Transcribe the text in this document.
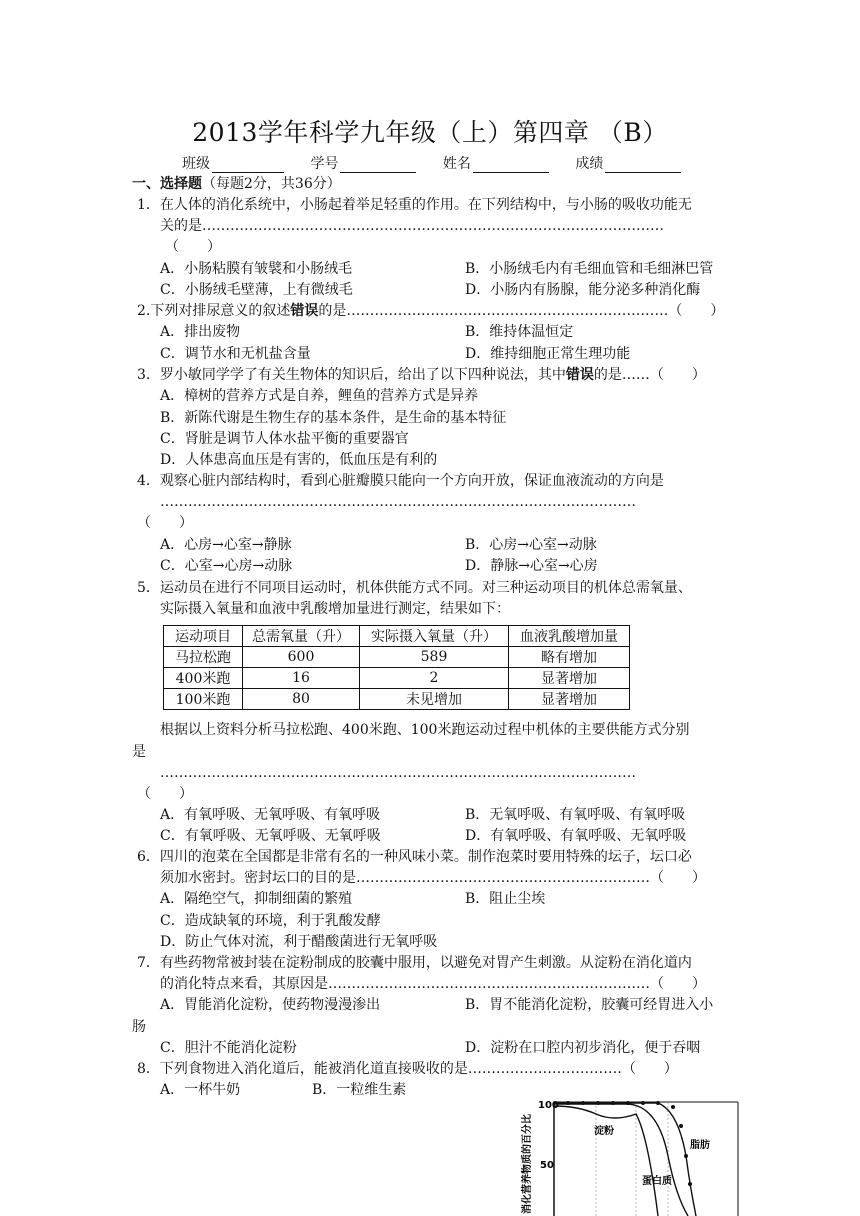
2013学年科学九年级（上）第四章 （B）
班级	学号	姓名	成绩
一、选择题（每题2分，共36分）
1．在人体的消化系统中，小肠起着举足轻重的作用。在下列结构中，与小肠的吸收功能无
关的是………………………………………………………………………………………
（　　）
A．小肠粘膜有皱襞和小肠绒毛	B．小肠绒毛内有毛细血管和毛细淋巴管
C．小肠绒毛壁薄，上有微绒毛	D．小肠内有肠腺，能分泌多种消化酶
2.下列对排尿意义的叙述错误的是……………………………………………………………（　　）
A．排出废物	B．维持体温恒定
C．调节水和无机盐含量	D．维持细胞正常生理功能
3．罗小敏同学学了有关生物体的知识后，给出了以下四种说法，其中错误的是……（　　）
A．樟树的营养方式是自养，鲤鱼的营养方式是异养
B．新陈代谢是生物生存的基本条件，是生命的基本特征
C．肾脏是调节人体水盐平衡的重要器官
D．人体患高血压是有害的，低血压是有利的
4．观察心脏内部结构时，看到心脏瓣膜只能向一个方向开放，保证血液流动的方向是
…………………………………………………………………………………………
（　　）
A．心房→心室→静脉	B．心房→心室→动脉
C．心室→心房→动脉	D．静脉→心室→心房
5．运动员在进行不同项目运动时，机体供能方式不同。对三种运动项目的机体总需氧量、
实际摄入氧量和血液中乳酸增加量进行测定，结果如下：
运动项目	总需氧量（升）	实际摄入氧量（升）	血液乳酸增加量
马拉松跑	600	589	略有增加
400米跑	16	2	显著增加
100米跑	80	未见增加	显著增加
根据以上资料分析马拉松跑、400米跑、100米跑运动过程中机体的主要供能方式分别
是
…………………………………………………………………………………………
（　　）
A．有氧呼吸、无氧呼吸、有氧呼吸	B．无氧呼吸、有氧呼吸、有氧呼吸
C．有氧呼吸、无氧呼吸、无氧呼吸	D．有氧呼吸、有氧呼吸、无氧呼吸
6．四川的泡菜在全国都是非常有名的一种风味小菜。制作泡菜时要用特殊的坛子，坛口必
须加水密封。密封坛口的目的是………………………………………………………（　　）
A．隔绝空气，抑制细菌的繁殖	B．阻止尘埃
C．造成缺氧的环境，利于乳酸发酵
D．防止气体对流，利于醋酸菌进行无氧呼吸
7．有些药物常被封装在淀粉制成的胶囊中服用，以避免对胃产生刺激。从淀粉在消化道内
的消化特点来看，其原因是……………………………………………………………（　　）
A．胃能消化淀粉，使药物漫漫渗出	B．胃不能消化淀粉，胶囊可经胃进入小
肠
C．胆汁不能消化淀粉	D．淀粉在口腔内初步消化，便于吞咽
8．下列食物进入消化道后，能被消化道直接吸收的是……………………………（　　）
A．一杯牛奶	B．一粒维生素
消化营养物质的百分比
100
50
淀粉
脂肪
蛋白质
